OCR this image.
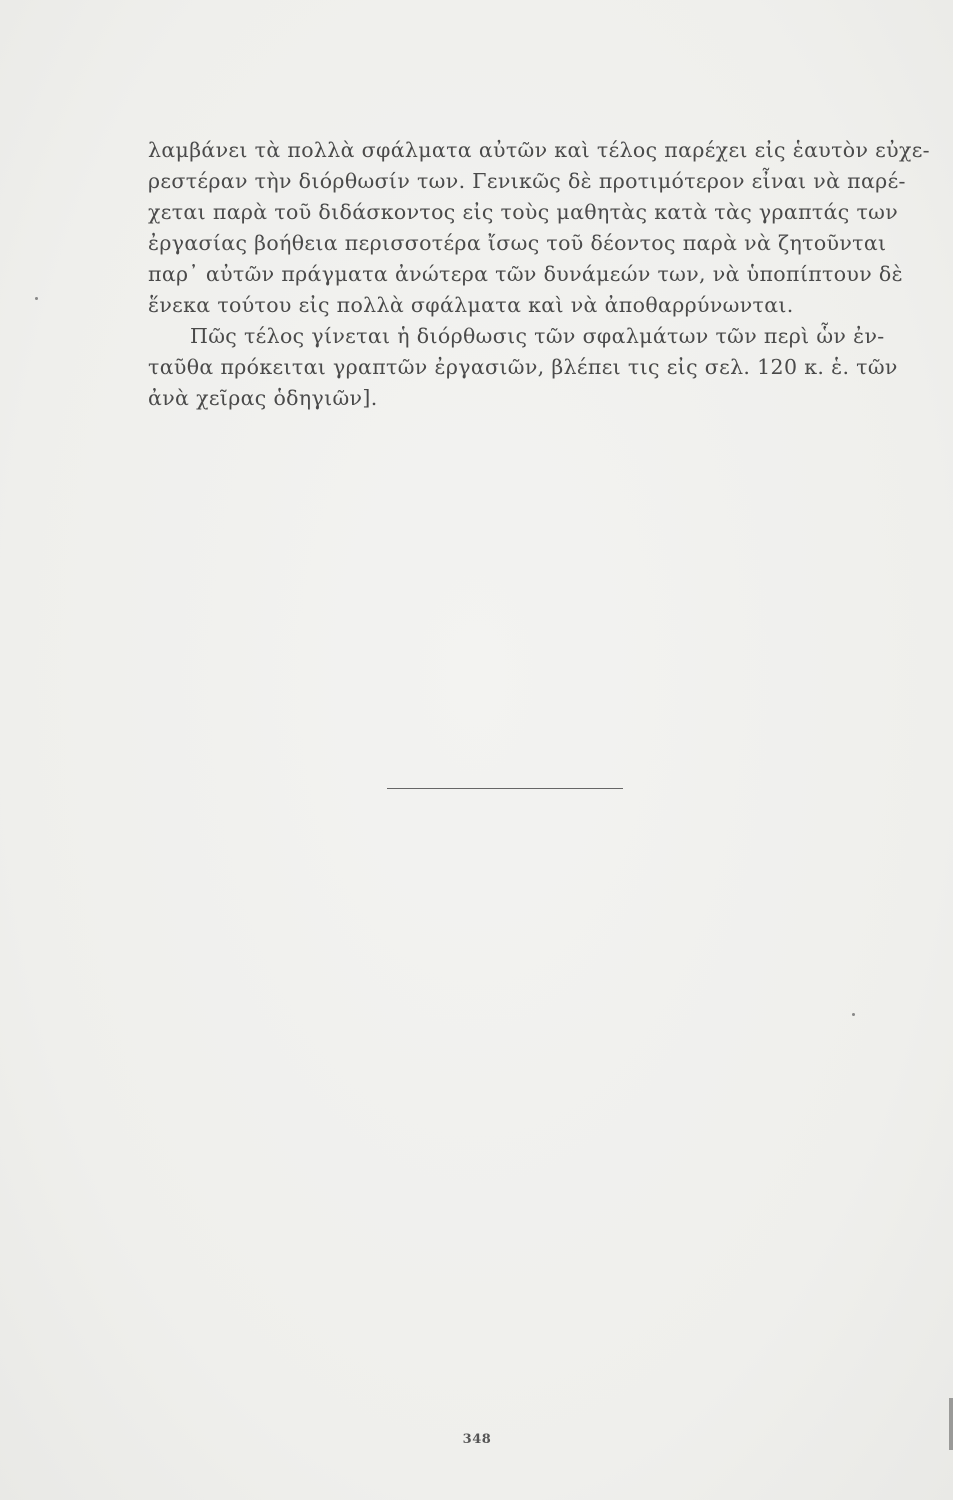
λαμβάνει τὰ πολλὰ σφάλματα αὐτῶν καὶ τέλος παρέχει εἰς ἑαυτὸν εὐχε-
ρεστέραν τὴν διόρθωσίν των. Γενικῶς δὲ προτιμότερον εἶναι νὰ παρέ-
χεται παρὰ τοῦ διδάσκοντος εἰς τοὺς μαθητὰς κατὰ τὰς γραπτάς των
ἐργασίας βοήθεια περισσοτέρα ἴσως τοῦ δέοντος παρὰ νὰ ζητοῦνται
παρ᾽ αὐτῶν πράγματα ἀνώτερα τῶν δυνάμεών των, νὰ ὑποπίπτουν δὲ
ἕνεκα τούτου εἰς πολλὰ σφάλματα καὶ νὰ ἀποθαρρύνωνται.
Πῶς τέλος γίνεται ἡ διόρθωσις τῶν σφαλμάτων τῶν περὶ ὧν ἐν-
ταῦθα πρόκειται γραπτῶν ἐργασιῶν, βλέπει τις εἰς σελ. 120 κ. ἑ. τῶν
ἀνὰ χεῖρας ὁδηγιῶν].
348
